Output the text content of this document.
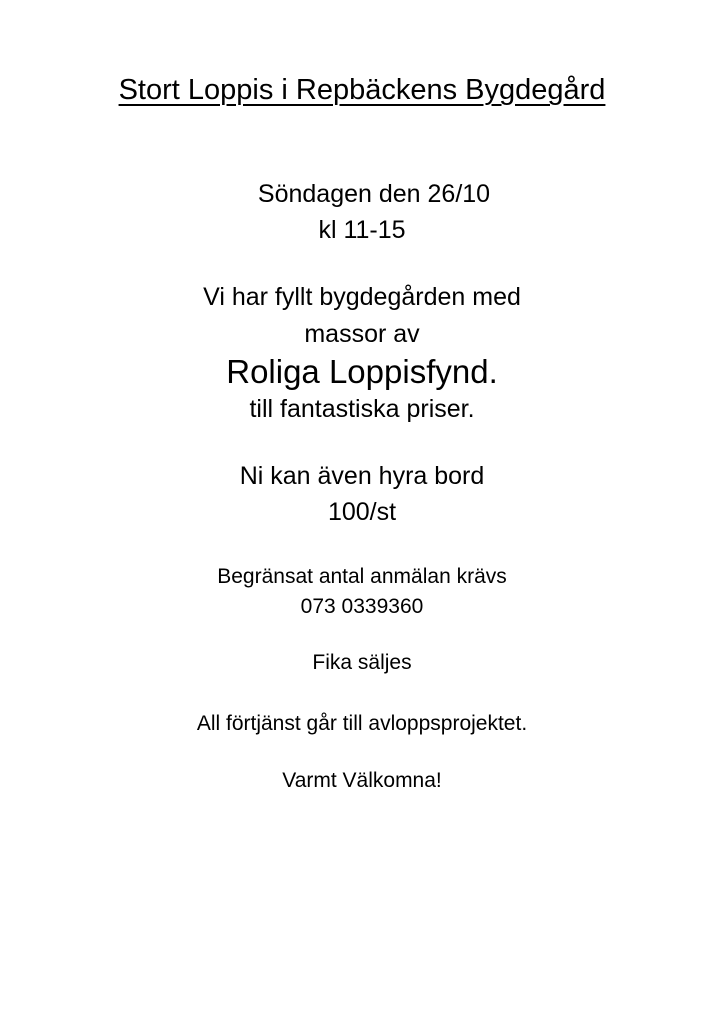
Stort Loppis i Repbäckens Bygdegård
Söndagen den 26/10
kl 11-15
Vi har fyllt bygdegården med
massor av
Roliga Loppisfynd.
till fantastiska priser.
Ni kan även hyra bord
100/st
Begränsat antal anmälan krävs
073 0339360
Fika säljes
All förtjänst går till avloppsprojektet.
Varmt Välkomna!
